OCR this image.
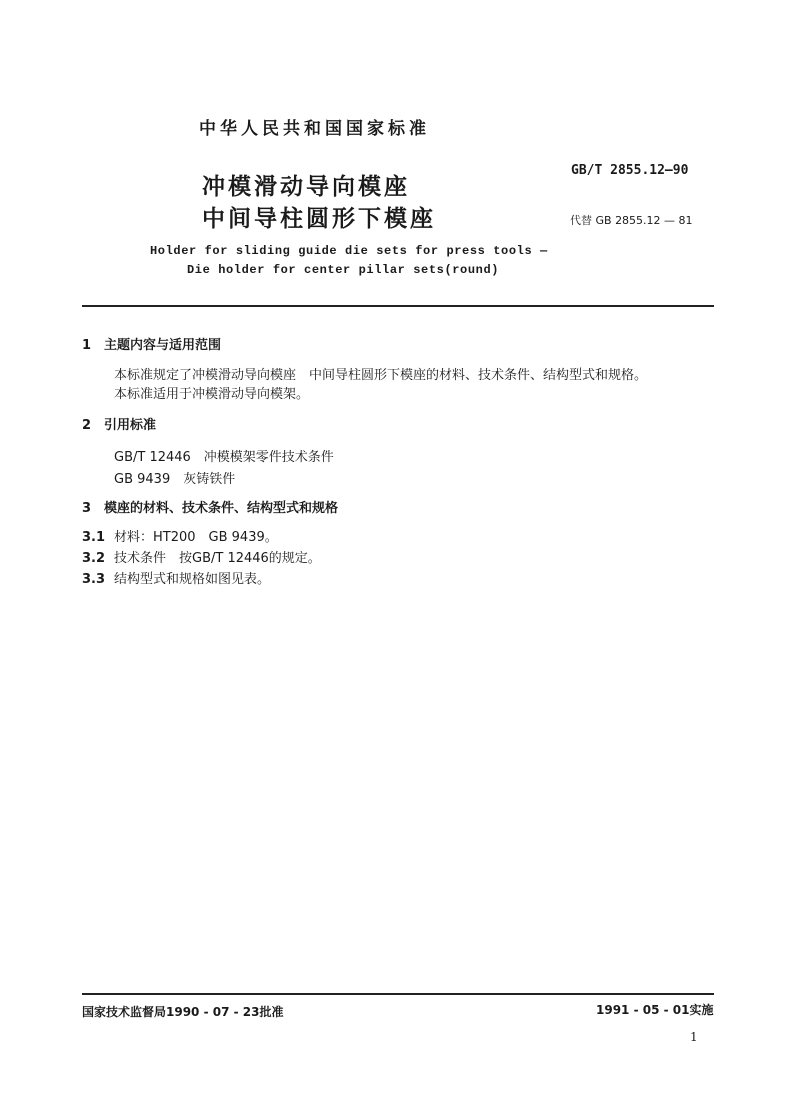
中华人民共和国国家标准
冲模滑动导向模座
中间导柱圆形下模座
GB/T 2855.12—90
代替 GB 2855.12 — 81
Holder for sliding guide die sets for press tools —
Die holder for center pillar sets(round)
1 主题内容与适用范围
本标准规定了冲模滑动导向模座　中间导柱圆形下模座的材料、技术条件、结构型式和规格。
本标准适用于冲模滑动导向模架。
2 引用标准
GB/T 12446　冲模模架零件技术条件
GB 9439　灰铸铁件
3 模座的材料、技术条件、结构型式和规格
3.1 材料：HT200　GB 9439。
3.2 技术条件　按GB/T 12446的规定。
3.3 结构型式和规格如图见表。
国家技术监督局1990 - 07 - 23批准	1991 - 05 - 01实施
1
